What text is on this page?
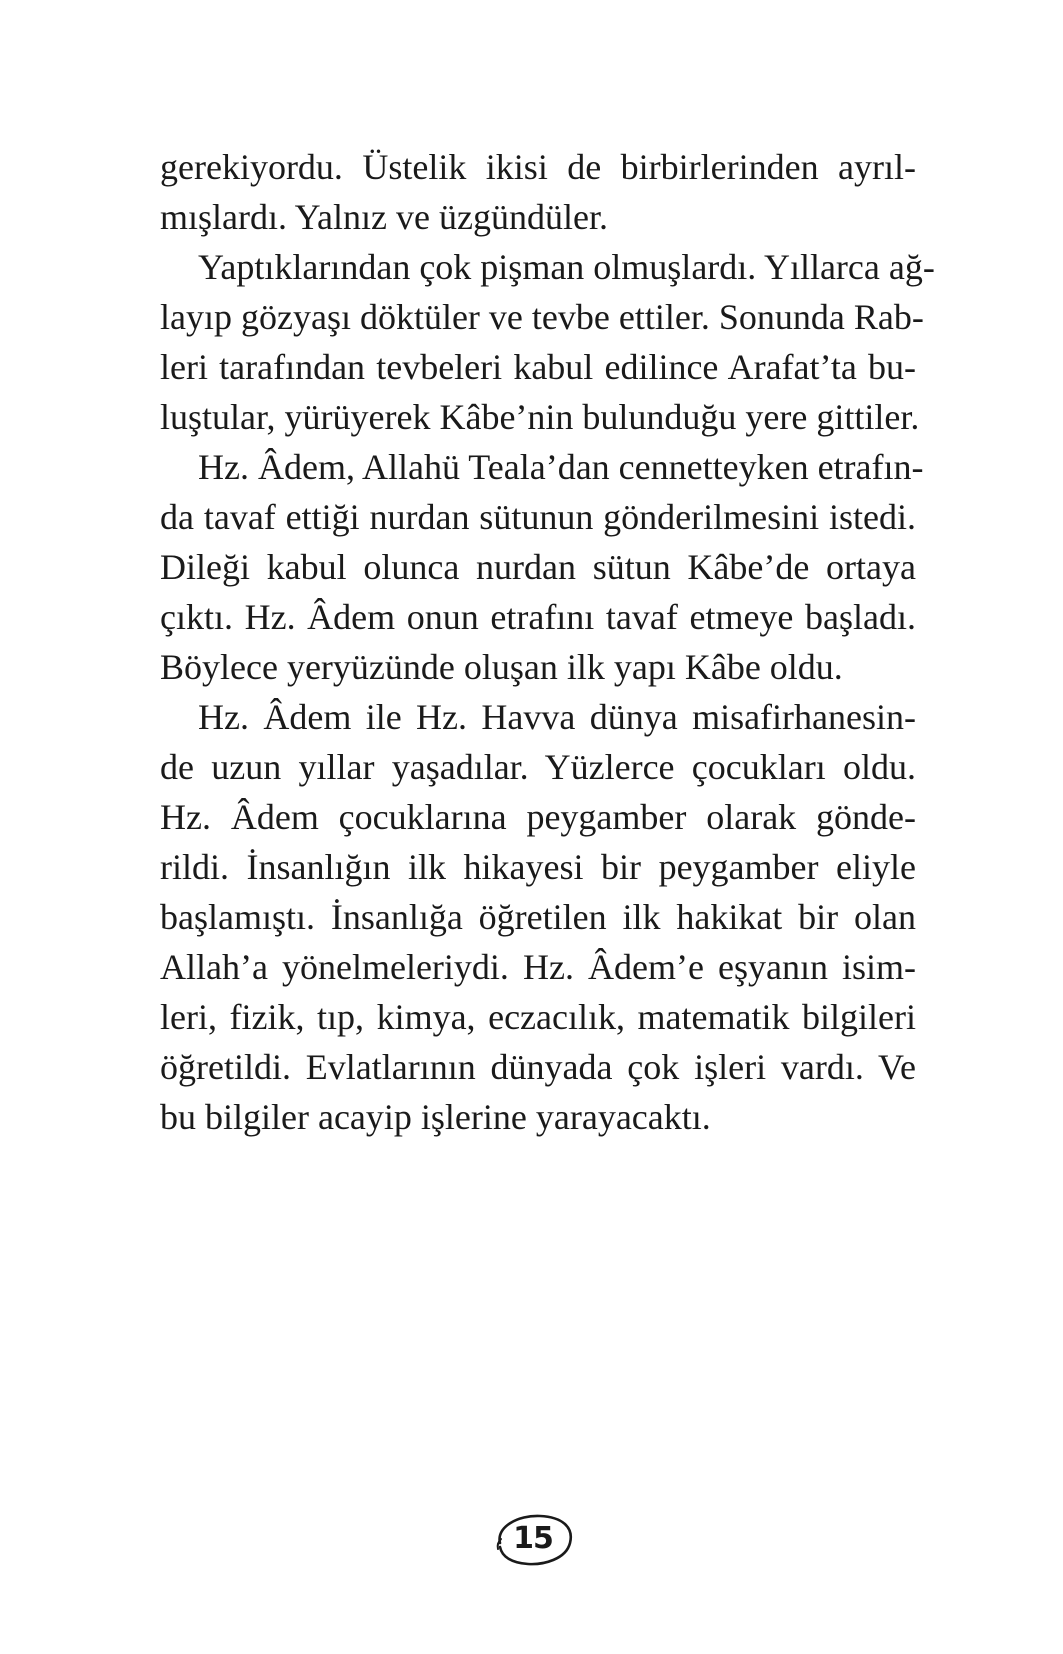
gerekiyordu. Üstelik ikisi de birbirlerinden ayrıl-
mışlardı. Yalnız ve üzgündüler.

Yaptıklarından çok pişman olmuşlardı. Yıllarca ağ-
layıp gözyaşı döktüler ve tevbe ettiler. Sonunda Rab-
leri tarafından tevbeleri kabul edilince Arafat’ta bu-
luştular, yürüyerek Kâbe’nin bulunduğu yere gittiler.

Hz. Âdem, Allahü Teala’dan cennetteyken etrafın-
da tavaf ettiği nurdan sütunun gönderilmesini istedi.
Dileği kabul olunca nurdan sütun Kâbe’de ortaya
çıktı. Hz. Âdem onun etrafını tavaf etmeye başladı.
Böylece yeryüzünde oluşan ilk yapı Kâbe oldu.

Hz. Âdem ile Hz. Havva dünya misafirhanesin-
de uzun yıllar yaşadılar. Yüzlerce çocukları oldu.
Hz. Âdem çocuklarına peygamber olarak gönde-
rildi. İnsanlığın ilk hikayesi bir peygamber eliyle
başlamıştı. İnsanlığa öğretilen ilk hakikat bir olan
Allah’a yönelmeleriydi. Hz. Âdem’e eşyanın isim-
leri, fizik, tıp, kimya, eczacılık, matematik bilgileri
öğretildi. Evlatlarının dünyada çok işleri vardı. Ve
bu bilgiler acayip işlerine yarayacaktı.

15
